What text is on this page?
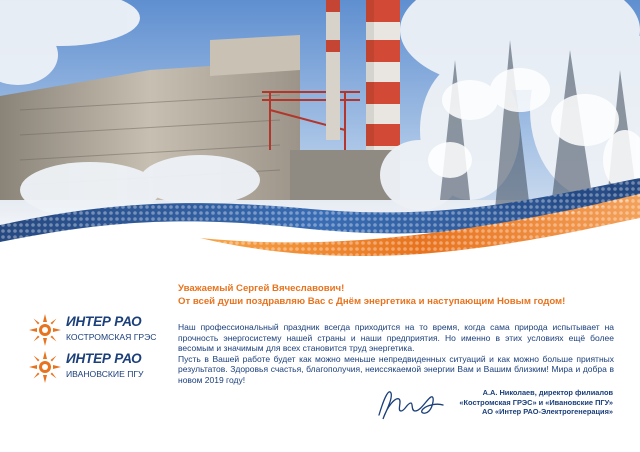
Уважаемый Сергей Вячеславович!
От всей души поздравляю Вас с Днём энергетика и наступающим Новым годом!
ИНТЕР РАО
КОСТРОМСКАЯ ГРЭС
ИНТЕР РАО
ИВАНОВСКИЕ ПГУ

Наш профессиональный праздник всегда приходится на то время, когда сама природа испытывает на прочность энергосистему нашей страны и наши предприятия. Но именно в этих условиях ещё более весомым и значимым для всех становится труд энергетика.

Пусть в Вашей работе будет как можно меньше непредвиденных ситуаций и как можно больше приятных результатов. Здоровья счастья, благополучия, неиссякаемой энергии Вам и Вашим близким! Мира и добра в новом 2019 году!

А.А. Николаев, директор филиалов
«Костромская ГРЭС» и «Ивановские ПГУ»
АО «Интер РАО-Электрогенерация»
